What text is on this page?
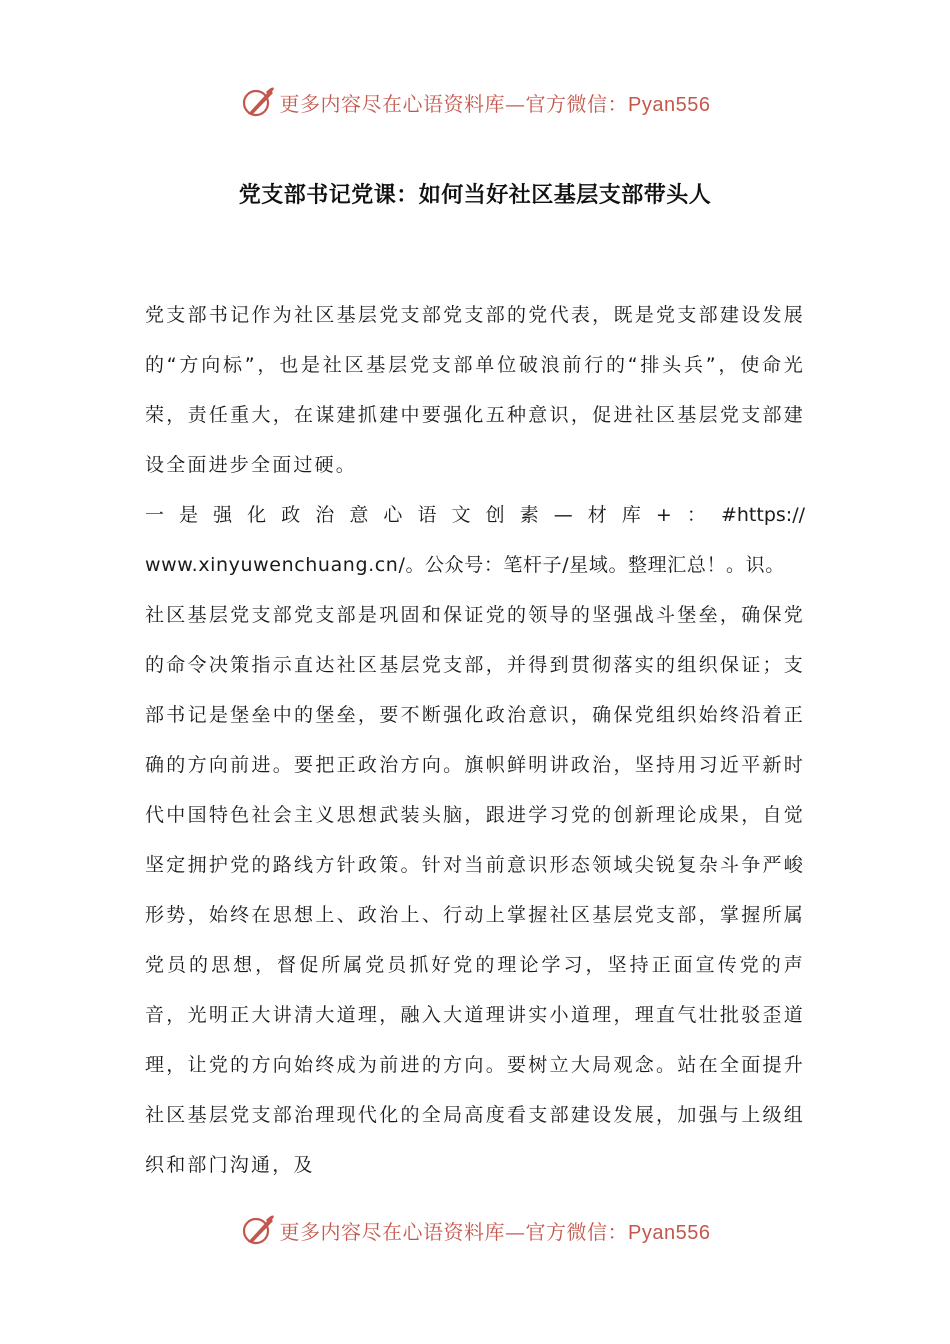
更多内容尽在心语资料库—官方微信：Pyan556
党支部书记党课：如何当好社区基层支部带头人

党支部书记作为社区基层党支部党支部的党代表，既是党支部建设发展的“方向标”，也是社区基层党支部单位破浪前行的“排头兵”，使命光荣，责任重大，在谋建抓建中要强化五种意识，促进社区基层党支部建设全面进步全面过硬。

一是强化政治意心语文创素—材库+：#https://

www.xinyuwenchuang.cn/。公众号：笔杆子/星域。整理汇总！。识。

社区基层党支部党支部是巩固和保证党的领导的坚强战斗堡垒，确保党的命令决策指示直达社区基层党支部，并得到贯彻落实的组织保证；支部书记是堡垒中的堡垒，要不断强化政治意识，确保党组织始终沿着正确的方向前进。要把正政治方向。旗帜鲜明讲政治，坚持用习近平新时代中国特色社会主义思想武装头脑，跟进学习党的创新理论成果，自觉坚定拥护党的路线方针政策。针对当前意识形态领域尖锐复杂斗争严峻形势，始终在思想上、政治上、行动上掌握社区基层党支部，掌握所属党员的思想，督促所属党员抓好党的理论学习，坚持正面宣传党的声音，光明正大讲清大道理，融入大道理讲实小道理，理直气壮批驳歪道理，让党的方向始终成为前进的方向。要树立大局观念。站在全面提升社区基层党支部治理现代化的全局高度看支部建设发展，加强与上级组织和部门沟通，及

更多内容尽在心语资料库—官方微信：Pyan556
